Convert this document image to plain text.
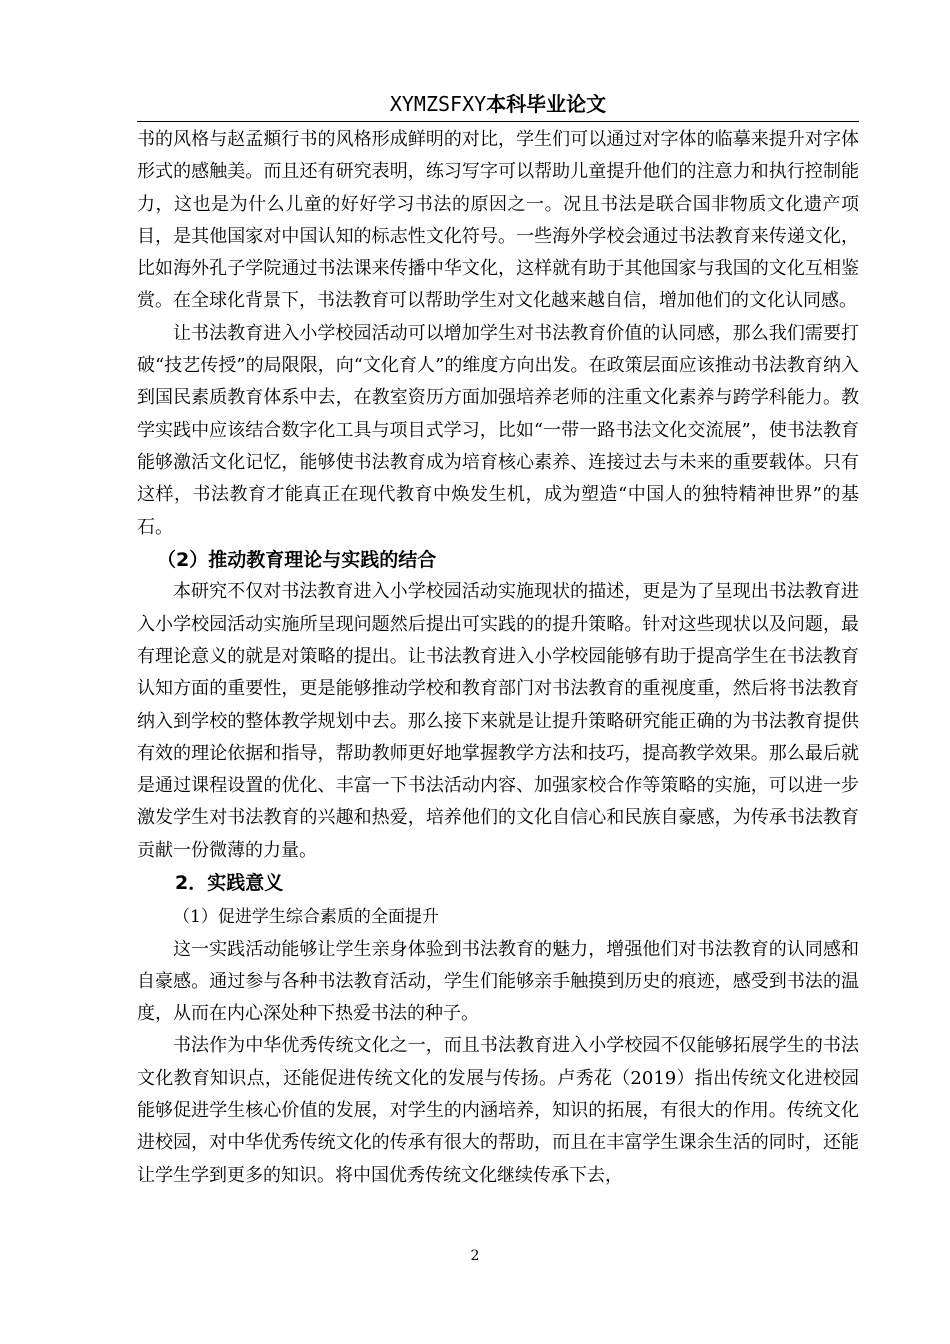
XYMZSFXY本科毕业论文

书的风格与赵孟頫行书的风格形成鲜明的对比，学生们可以通过对字体的临摹来提升对字体形式的感触美。而且还有研究表明，练习写字可以帮助儿童提升他们的注意力和执行控制能力，这也是为什么儿童的好好学习书法的原因之一。况且书法是联合国非物质文化遗产项目，是其他国家对中国认知的标志性文化符号。一些海外学校会通过书法教育来传递文化，比如海外孔子学院通过书法课来传播中华文化，这样就有助于其他国家与我国的文化互相鉴赏。在全球化背景下，书法教育可以帮助学生对文化越来越自信，增加他们的文化认同感。

让书法教育进入小学校园活动可以增加学生对书法教育价值的认同感，那么我们需要打破“技艺传授”的局限限，向“文化育人”的维度方向出发。在政策层面应该推动书法教育纳入到国民素质教育体系中去，在教室资历方面加强培养老师的注重文化素养与跨学科能力。教学实践中应该结合数字化工具与项目式学习，比如“一带一路书法文化交流展”，使书法教育能够激活文化记忆，能够使书法教育成为培育核心素养、连接过去与未来的重要载体。只有这样，书法教育才能真正在现代教育中焕发生机，成为塑造“中国人的独特精神世界”的基石。

（2）推动教育理论与实践的结合

本研究不仅对书法教育进入小学校园活动实施现状的描述，更是为了呈现出书法教育进入小学校园活动实施所呈现问题然后提出可实践的的提升策略。针对这些现状以及问题，最有理论意义的就是对策略的提出。让书法教育进入小学校园能够有助于提高学生在书法教育认知方面的重要性，更是能够推动学校和教育部门对书法教育的重视度重，然后将书法教育纳入到学校的整体教学规划中去。那么接下来就是让提升策略研究能正确的为书法教育提供有效的理论依据和指导，帮助教师更好地掌握教学方法和技巧，提高教学效果。那么最后就是通过课程设置的优化、丰富一下书法活动内容、加强家校合作等策略的实施，可以进一步激发学生对书法教育的兴趣和热爱，培养他们的文化自信心和民族自豪感，为传承书法教育贡献一份微薄的力量。

2．实践意义

（1）促进学生综合素质的全面提升

这一实践活动能够让学生亲身体验到书法教育的魅力，增强他们对书法教育的认同感和自豪感。通过参与各种书法教育活动，学生们能够亲手触摸到历史的痕迹，感受到书法的温度，从而在内心深处种下热爱书法的种子。

书法作为中华优秀传统文化之一，而且书法教育进入小学校园不仅能够拓展学生的书法文化教育知识点，还能促进传统文化的发展与传扬。卢秀花（2019）指出传统文化进校园能够促进学生核心价值的发展，对学生的内涵培养，知识的拓展，有很大的作用。传统文化进校园，对中华优秀传统文化的传承有很大的帮助，而且在丰富学生课余生活的同时，还能让学生学到更多的知识。将中国优秀传统文化继续传承下去，

2
